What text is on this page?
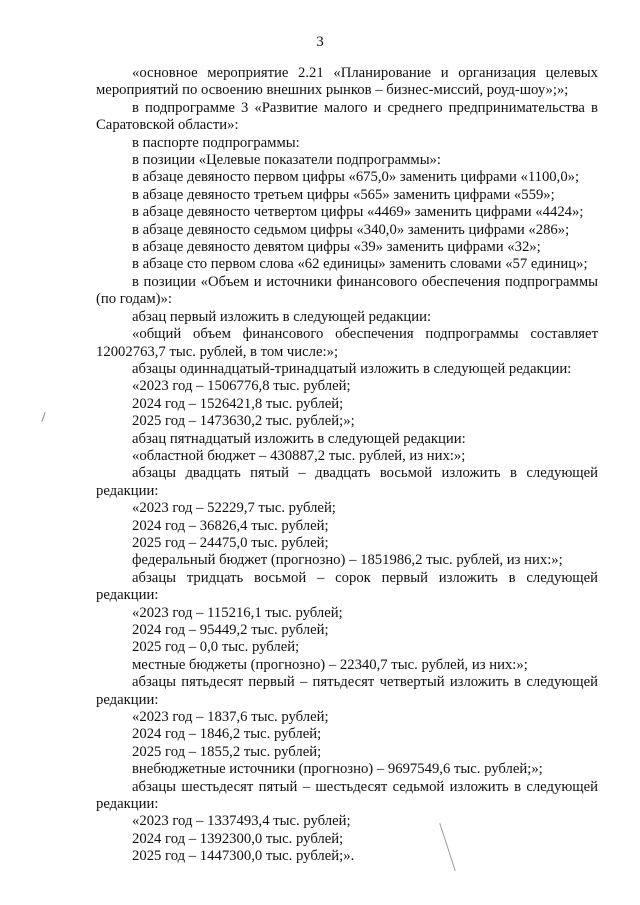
3

«основное мероприятие 2.21 «Планирование и организация целевых мероприятий по освоению внешних рынков – бизнес-миссий, роуд-шоу»;»;

в подпрограмме 3 «Развитие малого и среднего предпринимательства в Саратовской области»:

в паспорте подпрограммы:

в позиции «Целевые показатели подпрограммы»:

в абзаце девяносто первом цифры «675,0» заменить цифрами «1100,0»;

в абзаце девяносто третьем цифры «565» заменить цифрами «559»;

в абзаце девяносто четвертом цифры «4469» заменить цифрами «4424»;

в абзаце девяносто седьмом цифры «340,0» заменить цифрами «286»;

в абзаце девяносто девятом цифры «39» заменить цифрами «32»;

в абзаце сто первом слова «62 единицы» заменить словами «57 единиц»;

в позиции «Объем и источники финансового обеспечения подпрограммы (по годам)»:

абзац первый изложить в следующей редакции:

«общий объем финансового обеспечения подпрограммы составляет 12002763,7 тыс. рублей, в том числе:»;

абзацы одиннадцатый-тринадцатый изложить в следующей редакции:

«2023 год – 1506776,8 тыс. рублей;

2024 год – 1526421,8 тыс. рублей;

2025 год – 1473630,2 тыс. рублей;»;

абзац пятнадцатый изложить в следующей редакции:

«областной бюджет – 430887,2 тыс. рублей, из них:»;

абзацы двадцать пятый – двадцать восьмой изложить в следующей редакции:

«2023 год – 52229,7 тыс. рублей;

2024 год – 36826,4 тыс. рублей;

2025 год – 24475,0 тыс. рублей;

федеральный бюджет (прогнозно) – 1851986,2 тыс. рублей, из них:»;

абзацы тридцать восьмой – сорок первый изложить в следующей редакции:

«2023 год – 115216,1 тыс. рублей;

2024 год – 95449,2 тыс. рублей;

2025 год – 0,0 тыс. рублей;

местные бюджеты (прогнозно) – 22340,7 тыс. рублей, из них:»;

абзацы пятьдесят первый – пятьдесят четвертый изложить в следующей редакции:

«2023 год – 1837,6 тыс. рублей;

2024 год – 1846,2 тыс. рублей;

2025 год – 1855,2 тыс. рублей;

внебюджетные источники (прогнозно) – 9697549,6 тыс. рублей;»;

абзацы шестьдесят пятый – шестьдесят седьмой изложить в следующей редакции:

«2023 год – 1337493,4 тыс. рублей;

2024 год – 1392300,0 тыс. рублей;

2025 год – 1447300,0 тыс. рублей;».
